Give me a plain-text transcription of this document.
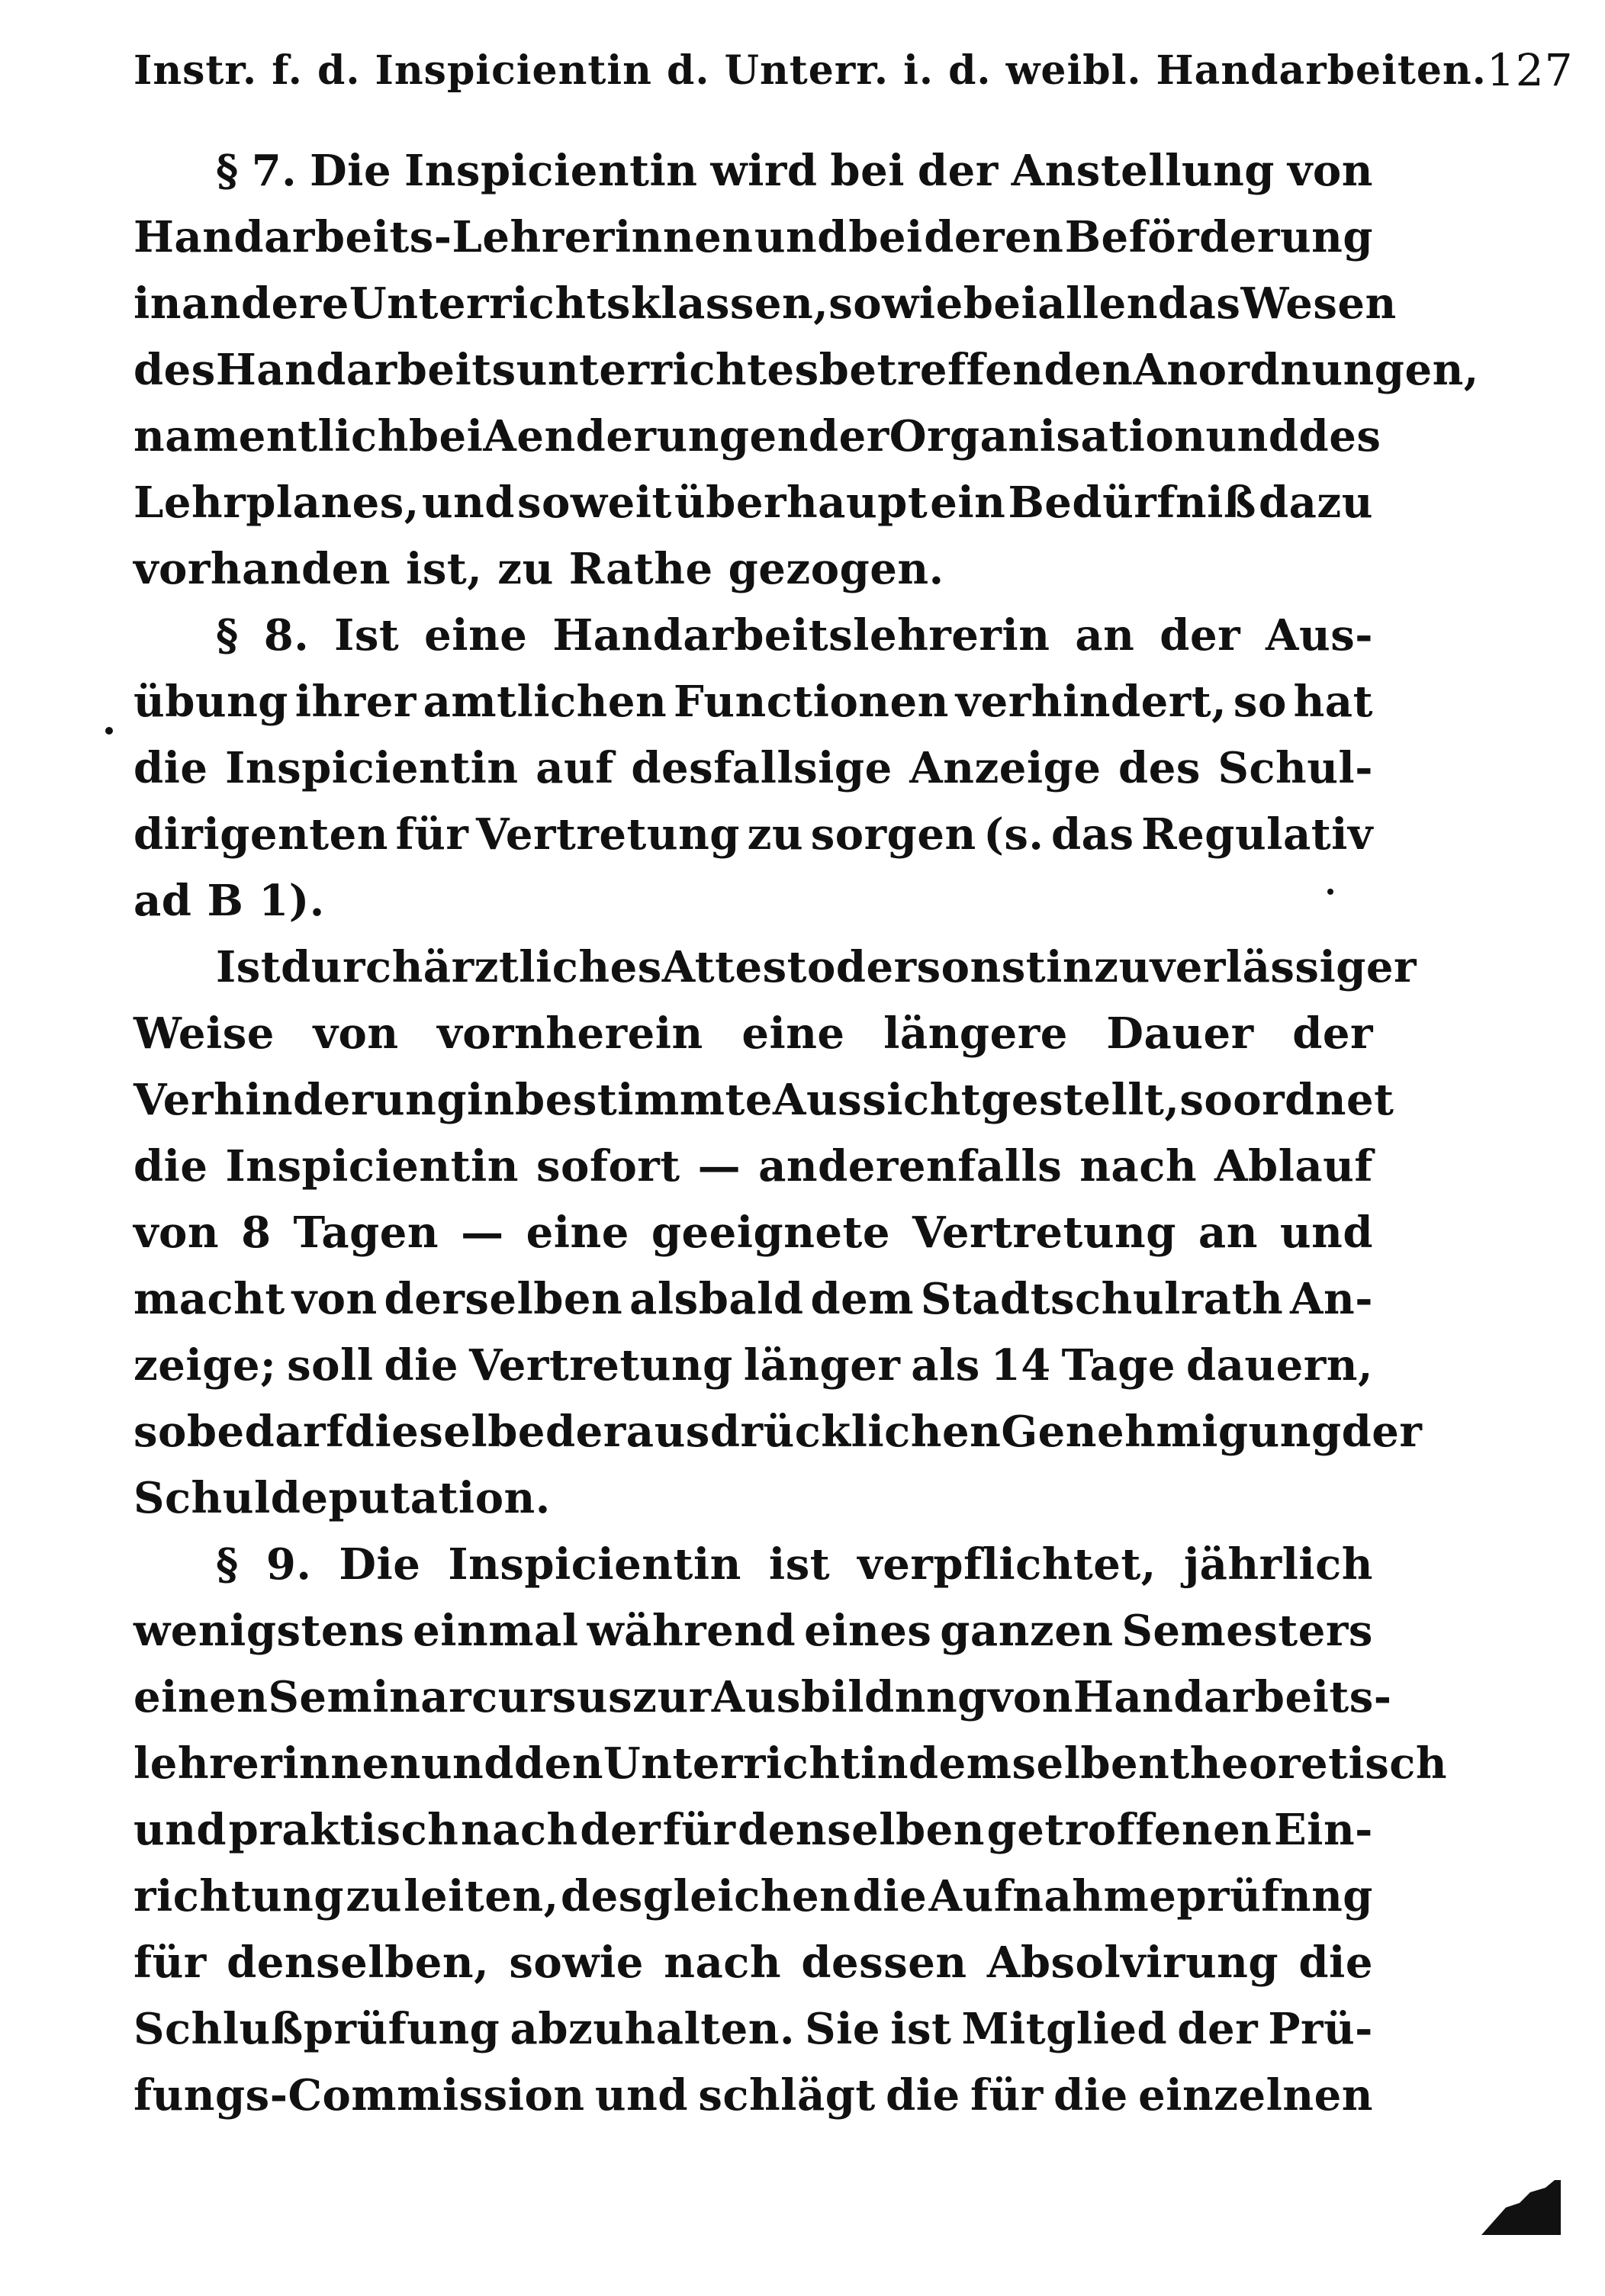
Instr. f. d. Inspicientin d. Unterr. i. d. weibl. Handarbeiten. 127
§ 7. Die Inspicientin wird bei der Anstellung von
Handarbeits-Lehrerinnen und bei deren Beförderung
in andere Unterrichtsklassen, sowie bei allen das Wesen
des Handarbeitsunterrichtes betreffenden Anordnungen,
namentlich bei Aenderungen der Organisation und des
Lehrplanes, und soweit überhaupt ein Bedürfniß dazu
vorhanden ist, zu Rathe gezogen.
§ 8. Ist eine Handarbeitslehrerin an der Aus-
übung ihrer amtlichen Functionen verhindert, so hat
die Inspicientin auf desfallsige Anzeige des Schul-
dirigenten für Vertretung zu sorgen (s. das Regulativ
ad B 1).
Ist durch ärztliches Attest oder sonst in zuverlässiger
Weise von vornherein eine längere Dauer der
Verhinderung in bestimmte Aussicht gestellt, so ordnet
die Inspicientin sofort — anderenfalls nach Ablauf
von 8 Tagen — eine geeignete Vertretung an und
macht von derselben alsbald dem Stadtschulrath An-
zeige; soll die Vertretung länger als 14 Tage dauern,
so bedarf dieselbe der ausdrücklichen Genehmigung der
Schuldeputation.
§ 9. Die Inspicientin ist verpflichtet, jährlich
wenigstens einmal während eines ganzen Semesters
einen Seminarcursus zur Ausbildnng von Handarbeits-
lehrerinnen und den Unterricht in demselben theoretisch
und praktisch nach der für denselben getroffenen Ein-
richtung zu leiten, desgleichen die Aufnahmeprüfnng
für denselben, sowie nach dessen Absolvirung die
Schlußprüfung abzuhalten. Sie ist Mitglied der Prü-
fungs-Commission und schlägt die für die einzelnen
